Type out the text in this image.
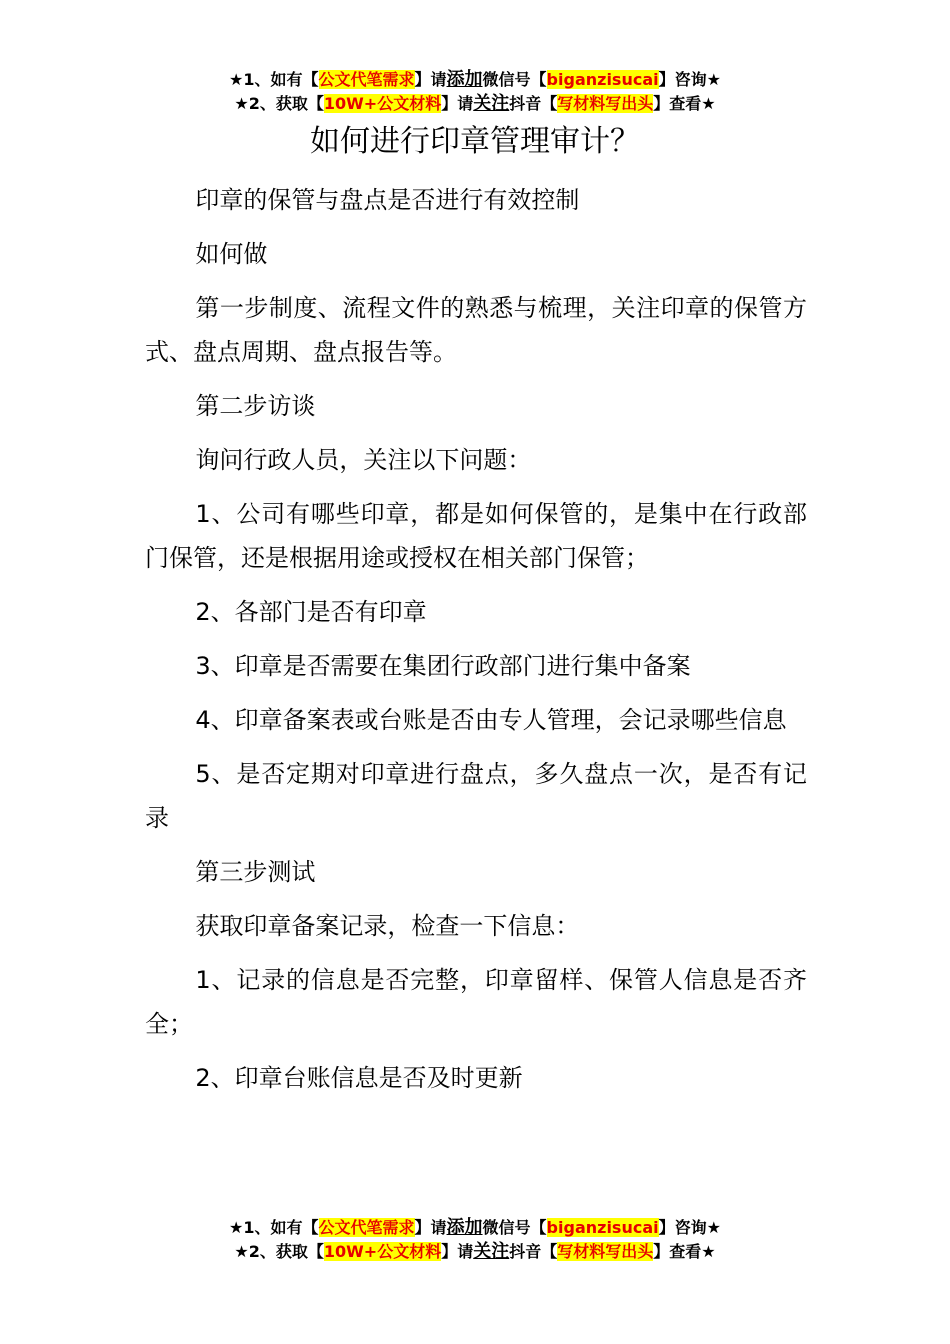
★1、如有【公文代笔需求】请添加微信号【biganzisucai】咨询★
★2、获取【10W+公文材料】请关注抖音【写材料写出头】查看★
如何进行印章管理审计？

印章的保管与盘点是否进行有效控制

如何做

第一步制度、流程文件的熟悉与梳理，关注印章的保管方式、盘点周期、盘点报告等。

第二步访谈

询问行政人员，关注以下问题：

1、公司有哪些印章，都是如何保管的，是集中在行政部门保管，还是根据用途或授权在相关部门保管；

2、各部门是否有印章

3、印章是否需要在集团行政部门进行集中备案

4、印章备案表或台账是否由专人管理，会记录哪些信息

5、是否定期对印章进行盘点，多久盘点一次，是否有记录

第三步测试

获取印章备案记录，检查一下信息：

1、记录的信息是否完整，印章留样、保管人信息是否齐全；

2、印章台账信息是否及时更新

★1、如有【公文代笔需求】请添加微信号【biganzisucai】咨询★
★2、获取【10W+公文材料】请关注抖音【写材料写出头】查看★
